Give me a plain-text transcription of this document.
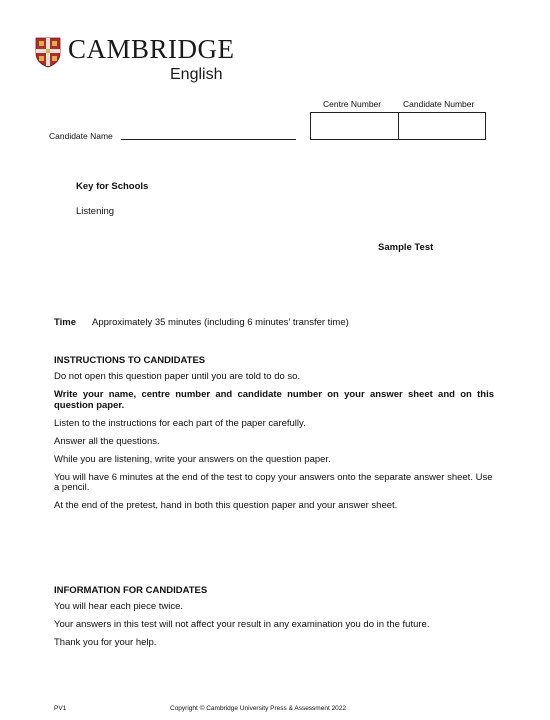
CAMBRIDGE
English
Centre Number	Candidate Number
Candidate Name
Key for Schools
Listening
Sample Test
Time Approximately 35 minutes (including 6 minutes’ transfer time)
INSTRUCTIONS TO CANDIDATES

Do not open this question paper until you are told to do so.

Write your name, centre number and candidate number on your answer sheet and on this question paper.

Listen to the instructions for each part of the paper carefully.

Answer all the questions.

While you are listening, write your answers on the question paper.

You will have 6 minutes at the end of the test to copy your answers onto the separate answer sheet. Use a pencil.

At the end of the pretest, hand in both this question paper and your answer sheet.

INFORMATION FOR CANDIDATES

You will hear each piece twice.

Your answers in this test will not affect your result in any examination you do in the future.

Thank you for your help.

PV1	Copyright © Cambridge University Press & Assessment 2022
